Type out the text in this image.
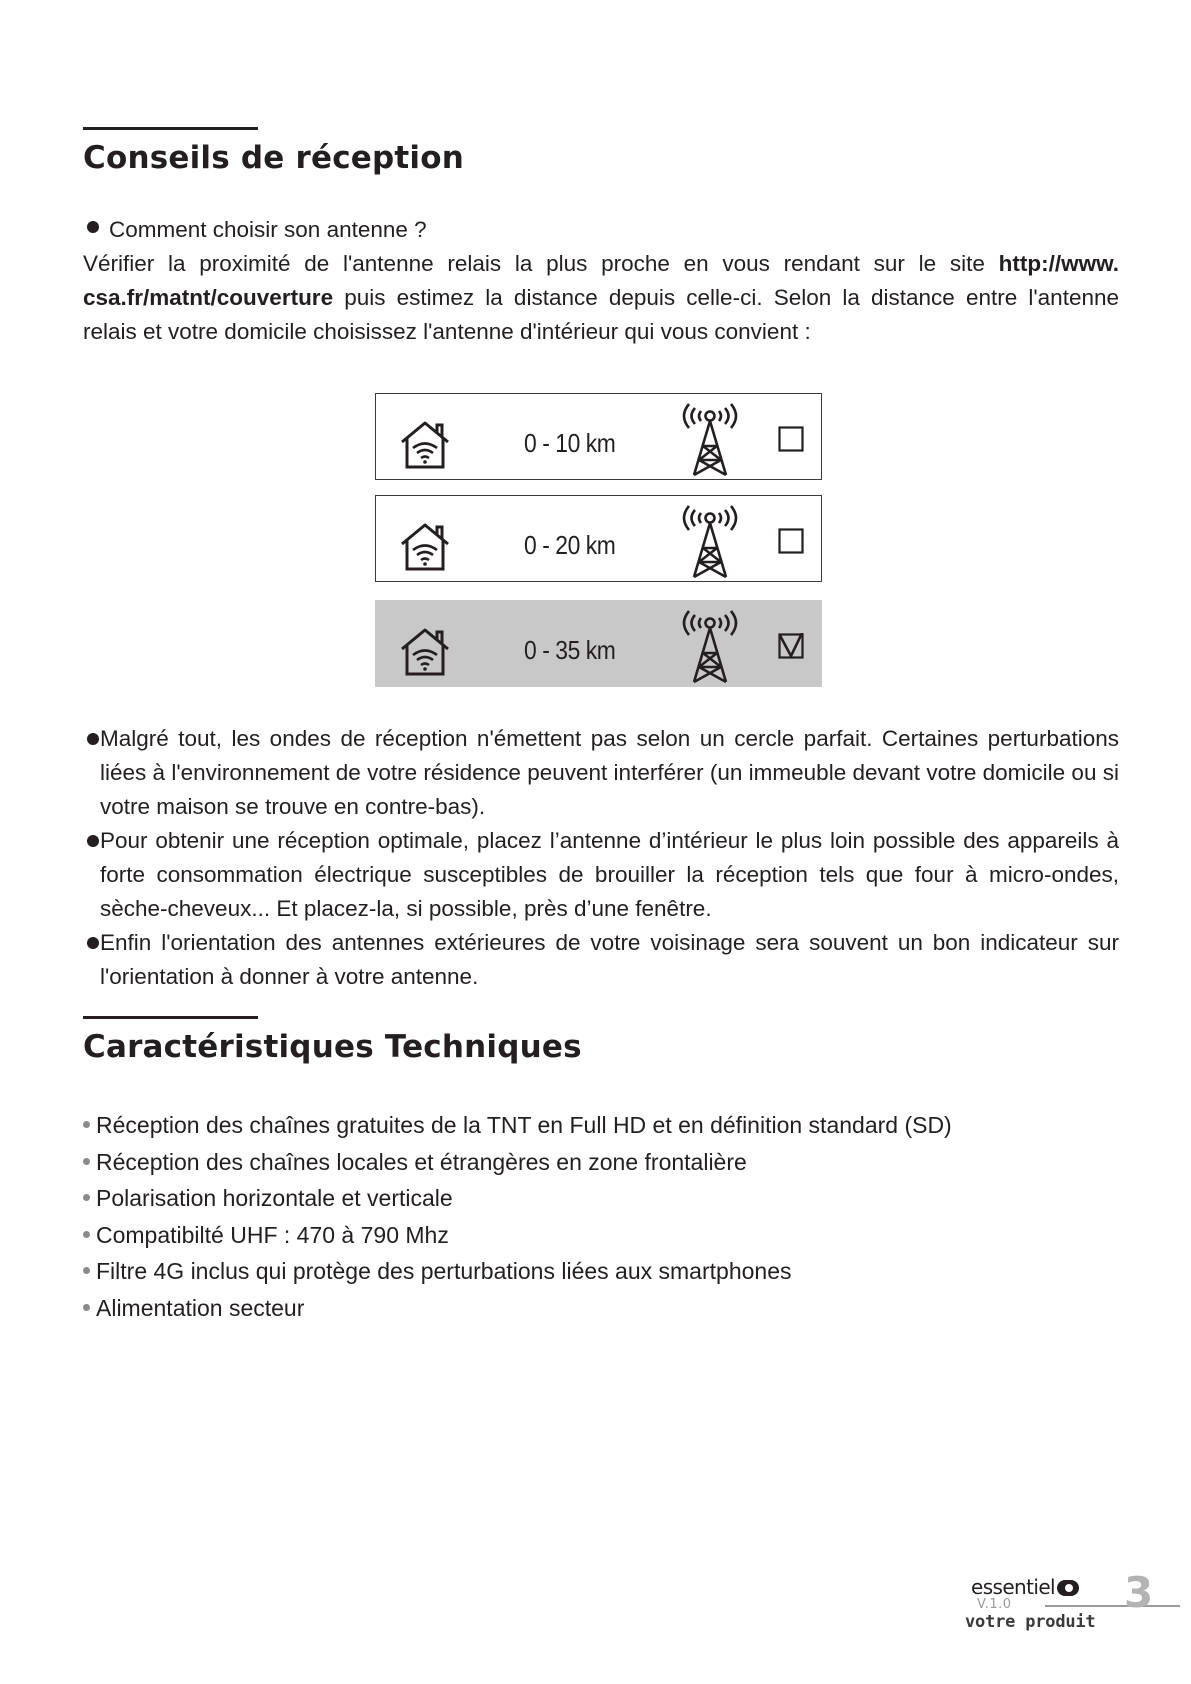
Conseils de réception

Comment choisir son antenne ?

Vérifier la proximité de l'antenne relais la plus proche en vous rendant sur le site http://www. csa.fr/matnt/couverture puis estimez la distance depuis celle-ci. Selon la distance entre l'antenne relais et votre domicile choisissez l'antenne d'intérieur qui vous convient :

0 - 10 km
0 - 20 km
0 - 35 km
Malgré tout, les ondes de réception n'émettent pas selon un cercle parfait. Certaines perturbations liées à l'environnement de votre résidence peuvent interférer (un immeuble devant votre domicile ou si votre maison se trouve en contre-bas).
Pour obtenir une réception optimale, placez l’antenne d’intérieur le plus loin possible des appareils à forte consommation électrique susceptibles de brouiller la réception tels que four à micro-ondes, sèche-cheveux... Et placez-la, si possible, près d’une fenêtre.
Enfin l'orientation des antennes extérieures de votre voisinage sera souvent un bon indicateur sur l'orientation à donner à votre antenne.
Caractéristiques Techniques
Réception des chaînes gratuites de la TNT en Full HD et en définition standard (SD)
Réception des chaînes locales et étrangères en zone frontalière
Polarisation horizontale et verticale
Compatibilté UHF : 470 à 790 Mhz
Filtre 4G inclus qui protège des perturbations liées aux smartphones
Alimentation secteur
essentiel
V.1.0
votre produit
3
